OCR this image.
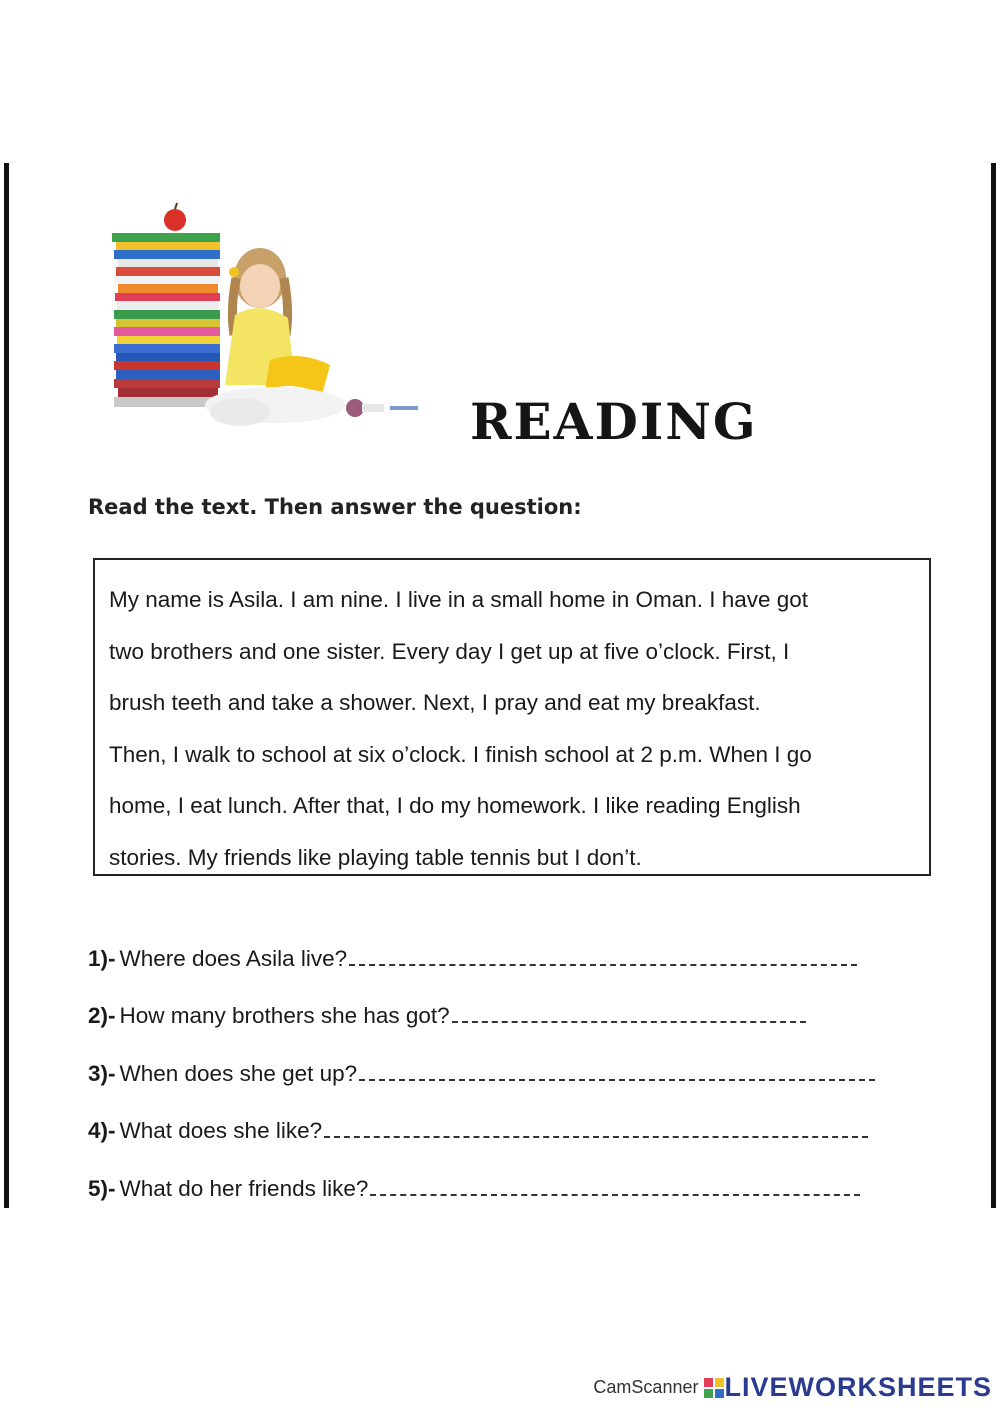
READING
Read the text. Then answer the question:
My name is Asila. I am nine. I live in a small home in Oman. I have got
two brothers and one sister. Every day I get up at five o’clock. First, I
brush teeth and take a shower. Next, I pray and eat my breakfast.
Then, I walk to school at six o’clock. I finish school at 2 p.m. When I go
home, I eat lunch. After that, I do my homework. I like reading English
stories. My friends like playing table tennis but I don’t.
1)- Where does Asila live?
2)- How many brothers she has got?
3)- When does she get up?
4)- What does she like?
5)- What do her friends like?
CamScanner LIVEWORKSHEETS
